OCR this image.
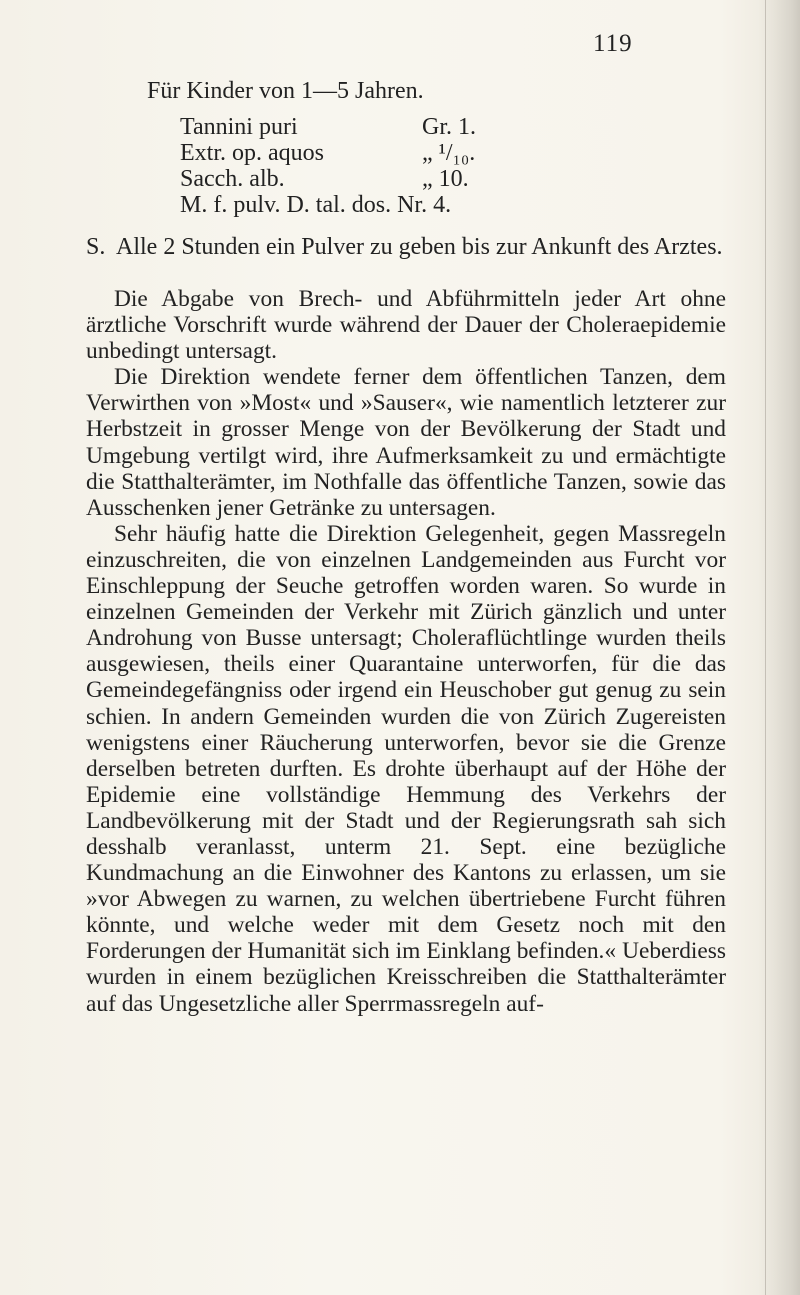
119
Für Kinder von 1—5 Jahren.
Tannini puri	Gr. 1.
Extr. op. aquos	„ ¹/₁₀.
Sacch. alb.	„ 10.
M. f. pulv. D. tal. dos. Nr. 4.
S. Alle 2 Stunden ein Pulver zu geben bis zur Ankunft des Arztes.

Die Abgabe von Brech- und Abführmitteln jeder Art ohne ärztliche Vorschrift wurde während der Dauer der Choleraepidemie unbedingt untersagt.

Die Direktion wendete ferner dem öffentlichen Tanzen, dem Verwirthen von »Most« und »Sauser«, wie namentlich letzterer zur Herbstzeit in grosser Menge von der Bevölkerung der Stadt und Umgebung vertilgt wird, ihre Aufmerksamkeit zu und ermächtigte die Statthalterämter, im Nothfalle das öffentliche Tanzen, sowie das Ausschenken jener Getränke zu untersagen.

Sehr häufig hatte die Direktion Gelegenheit, gegen Massregeln einzuschreiten, die von einzelnen Landgemeinden aus Furcht vor Einschleppung der Seuche getroffen worden waren. So wurde in einzelnen Gemeinden der Verkehr mit Zürich gänzlich und unter Androhung von Busse untersagt; Choleraflüchtlinge wurden theils ausgewiesen, theils einer Quarantaine unterworfen, für die das Gemeindegefängniss oder irgend ein Heuschober gut genug zu sein schien. In andern Gemeinden wurden die von Zürich Zugereisten wenigstens einer Räucherung unterworfen, bevor sie die Grenze derselben betreten durften. Es drohte überhaupt auf der Höhe der Epidemie eine vollständige Hemmung des Verkehrs der Landbevölkerung mit der Stadt und der Regierungsrath sah sich desshalb veranlasst, unterm 21. Sept. eine bezügliche Kundmachung an die Einwohner des Kantons zu erlassen, um sie »vor Abwegen zu warnen, zu welchen übertriebene Furcht führen könnte, und welche weder mit dem Gesetz noch mit den Forderungen der Humanität sich im Einklang befinden.« Ueberdiess wurden in einem bezüglichen Kreisschreiben die Statthalterämter auf das Ungesetzliche aller Sperrmassregeln auf-
